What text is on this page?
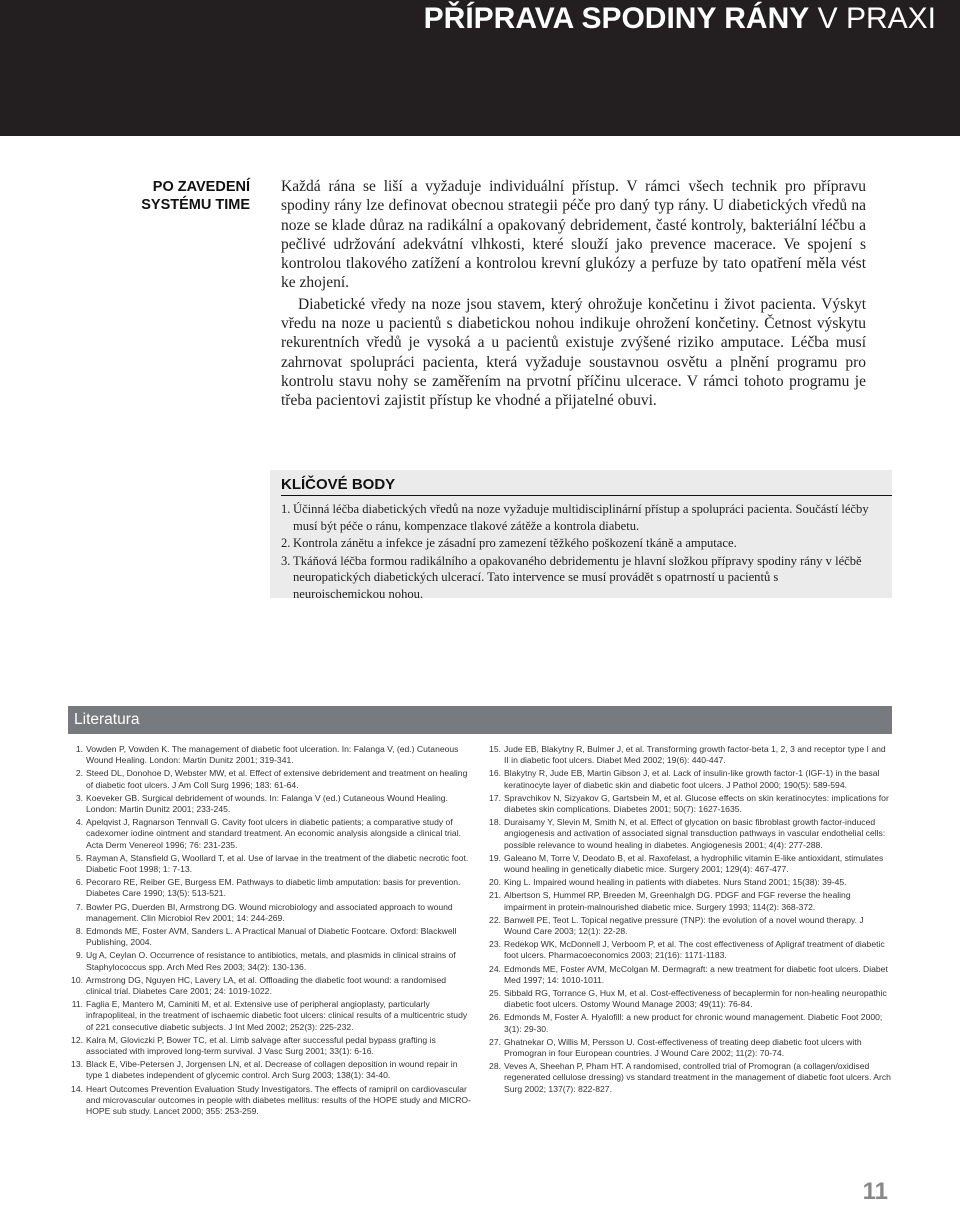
PŘÍPRAVA SPODINY RÁNY V PRAXI
PO ZAVEDENÍ
SYSTÉMU TIME

Každá rána se liší a vyžaduje individuální přístup. V rámci všech technik pro přípravu spodiny rány lze definovat obecnou strategii péče pro daný typ rány. U diabetických vředů na noze se klade důraz na radikální a opakovaný debridement, časté kontroly, bakteriální léčbu a pečlivé udržování adekvátní vlhkosti, které slouží jako prevence macerace. Ve spojení s kontrolou tlakového zatížení a kontrolou krevní glukózy a perfuze by tato opatření měla vést ke zhojení.

Diabetické vředy na noze jsou stavem, který ohrožuje končetinu i život pacienta. Výskyt vředu na noze u pacientů s diabetickou nohou indikuje ohrožení končetiny. Četnost výskytu rekurentních vředů je vysoká a u pacientů existuje zvýšené riziko amputace. Léčba musí zahrnovat spolupráci pacienta, která vyžaduje soustavnou osvětu a plnění programu pro kontrolu stavu nohy se zaměřením na prvotní příčinu ulcerace. V rámci tohoto programu je třeba pacientovi zajistit přístup ke vhodné a přijatelné obuvi.

KLÍČOVÉ BODY
1. Účinná léčba diabetických vředů na noze vyžaduje multidisciplinární přístup a spolupráci pacienta. Součástí léčby musí být péče o ránu, kompenzace tlakové zátěže a kontrola diabetu.
2. Kontrola zánětu a infekce je zásadní pro zamezení těžkého poškození tkáně a amputace.
3. Tkáňová léčba formou radikálního a opakovaného debridementu je hlavní složkou přípravy spodiny rány v léčbě neuropatických diabetických ulcerací. Tato intervence se musí provádět s opatrností u pacientů s neuroischemickou nohou.
Literatura
1. Vowden P, Vowden K. The management of diabetic foot ulceration. In: Falanga V, (ed.) Cutaneous Wound Healing. London: Martin Dunitz 2001; 319-341.
2. Steed DL, Donohoe D, Webster MW, et al. Effect of extensive debridement and treatment on healing of diabetic foot ulcers. J Am Coll Surg 1996; 183: 61-64.
3. Koeveker GB. Surgical debridement of wounds. In: Falanga V (ed.) Cutaneous Wound Healing. London: Martin Dunitz 2001; 233-245.
4. Apelqvist J, Ragnarson Tennvall G. Cavity foot ulcers in diabetic patients; a comparative study of cadexomer iodine ointment and standard treatment. An economic analysis alongside a clinical trial. Acta Derm Venereol 1996; 76: 231-235.
5. Rayman A, Stansfield G, Woollard T, et al. Use of larvae in the treatment of the diabetic necrotic foot. Diabetic Foot 1998; 1: 7-13.
6. Pecoraro RE, Reiber GE, Burgess EM. Pathways to diabetic limb amputation: basis for prevention. Diabetes Care 1990; 13(5): 513-521.
7. Bowler PG, Duerden BI, Armstrong DG. Wound microbiology and associated approach to wound management. Clin Microbiol Rev 2001; 14: 244-269.
8. Edmonds ME, Foster AVM, Sanders L. A Practical Manual of Diabetic Footcare. Oxford: Blackwell Publishing, 2004.
9. Ug A, Ceylan O. Occurrence of resistance to antibiotics, metals, and plasmids in clinical strains of Staphylococcus spp. Arch Med Res 2003; 34(2): 130-136.
10. Armstrong DG, Nguyen HC, Lavery LA, et al. Offloading the diabetic foot wound: a randomised clinical trial. Diabetes Care 2001; 24: 1019-1022.
11. Faglia E, Mantero M, Caminiti M, et al. Extensive use of peripheral angioplasty, particularly infrapopliteal, in the treatment of ischaemic diabetic foot ulcers: clinical results of a multicentric study of 221 consecutive diabetic subjects. J Int Med 2002; 252(3): 225-232.
12. Kalra M, Gloviczki P, Bower TC, et al. Limb salvage after successful pedal bypass grafting is associated with improved long-term survival. J Vasc Surg 2001; 33(1): 6-16.
13. Black E, Vibe-Petersen J, Jorgensen LN, et al. Decrease of collagen deposition in wound repair in type 1 diabetes independent of glycemic control. Arch Surg 2003; 138(1): 34-40.
14. Heart Outcomes Prevention Evaluation Study Investigators. The effects of ramipril on cardiovascular and microvascular outcomes in people with diabetes mellitus: results of the HOPE study and MICRO-HOPE sub study. Lancet 2000; 355: 253-259.
15. Jude EB, Blakytny R, Bulmer J, et al. Transforming growth factor-beta 1, 2, 3 and receptor type I and II in diabetic foot ulcers. Diabet Med 2002; 19(6): 440-447.
16. Blakytny R, Jude EB, Martin Gibson J, et al. Lack of insulin-like growth factor-1 (IGF-1) in the basal keratinocyte layer of diabetic skin and diabetic foot ulcers. J Pathol 2000; 190(5): 589-594.
17. Spravchikov N, Sizyakov G, Gartsbein M, et al. Glucose effects on skin keratinocytes: implications for diabetes skin complications. Diabetes 2001; 50(7): 1627-1635.
18. Duraisamy Y, Slevin M, Smith N, et al. Effect of glycation on basic fibroblast growth factor-induced angiogenesis and activation of associated signal transduction pathways in vascular endothelial cells: possible relevance to wound healing in diabetes. Angiogenesis 2001; 4(4): 277-288.
19. Galeano M, Torre V, Deodato B, et al. Raxofelast, a hydrophilic vitamin E-like antioxidant, stimulates wound healing in genetically diabetic mice. Surgery 2001; 129(4): 467-477.
20. King L. Impaired wound healing in patients with diabetes. Nurs Stand 2001; 15(38): 39-45.
21. Albertson S, Hummel RP, Breeden M, Greenhalgh DG. PDGF and FGF reverse the healing impairment in protein-malnourished diabetic mice. Surgery 1993; 114(2): 368-372.
22. Banwell PE, Teot L. Topical negative pressure (TNP): the evolution of a novel wound therapy. J Wound Care 2003; 12(1): 22-28.
23. Redekop WK, McDonnell J, Verboom P, et al. The cost effectiveness of Apligraf treatment of diabetic foot ulcers. Pharmacoeconomics 2003; 21(16): 1171-1183.
24. Edmonds ME, Foster AVM, McColgan M. Dermagraft: a new treatment for diabetic foot ulcers. Diabet Med 1997; 14: 1010-1011.
25. Sibbald RG, Torrance G, Hux M, et al. Cost-effectiveness of becaplermin for non-healing neuropathic diabetic foot ulcers. Ostomy Wound Manage 2003; 49(11): 76-84.
26. Edmonds M, Foster A. Hyalofill: a new product for chronic wound management. Diabetic Foot 2000; 3(1): 29-30.
27. Ghatnekar O, Willis M, Persson U. Cost-effectiveness of treating deep diabetic foot ulcers with Promogran in four European countries. J Wound Care 2002; 11(2): 70-74.
28. Veves A, Sheehan P, Pham HT. A randomised, controlled trial of Promogran (a collagen/oxidised regenerated cellulose dressing) vs standard treatment in the management of diabetic foot ulcers. Arch Surg 2002; 137(7): 822-827.
11
